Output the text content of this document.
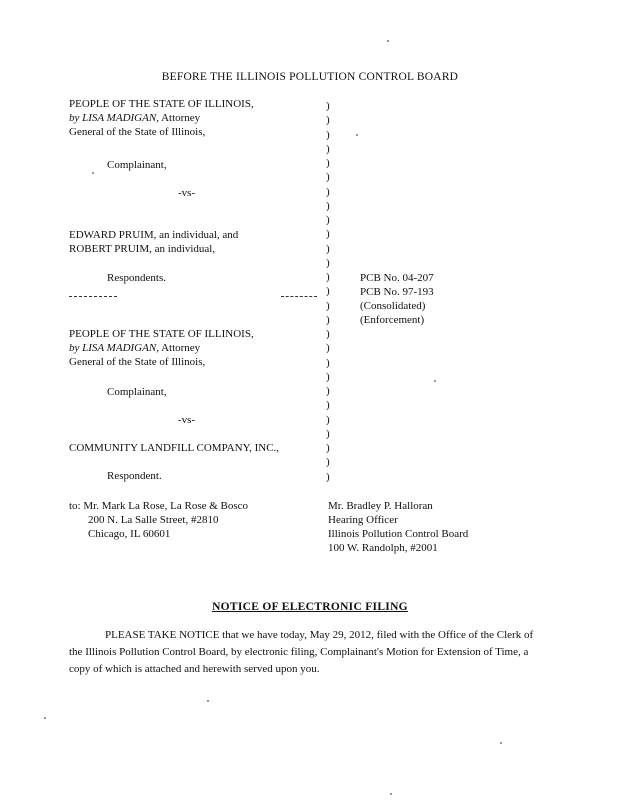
BEFORE THE ILLINOIS POLLUTION CONTROL BOARD
PEOPLE OF THE STATE OF ILLINOIS,
by LISA MADIGAN, Attorney
General of the State of Illinois,
Complainant,
-vs-
EDWARD PRUIM, an individual, and
ROBERT PRUIM, an individual,
Respondents.	PCB No. 04-207
PCB No. 97-193
(Consolidated)
(Enforcement)
PEOPLE OF THE STATE OF ILLINOIS,
by LISA MADIGAN, Attorney
General of the State of Illinois,
Complainant,
-vs-
COMMUNITY LANDFILL COMPANY, INC.,
Respondent.
)
)
)
)
)
)
)
)
)
)
)
)
)
)
)
)
)
)
)
)
)
)
)
)
)
)
)
to: Mr. Mark La Rose, La Rose & Bosco
200 N. La Salle Street, #2810
Chicago, IL 60601
Mr. Bradley P. Halloran
Hearing Officer
Illinois Pollution Control Board
100 W. Randolph, #2001
NOTICE OF ELECTRONIC FILING
PLEASE TAKE NOTICE that we have today, May 29, 2012, filed with the Office of the Clerk of the Illinois Pollution Control Board, by electronic filing, Complainant's Motion for Extension of Time, a copy of which is attached and herewith served upon you.
